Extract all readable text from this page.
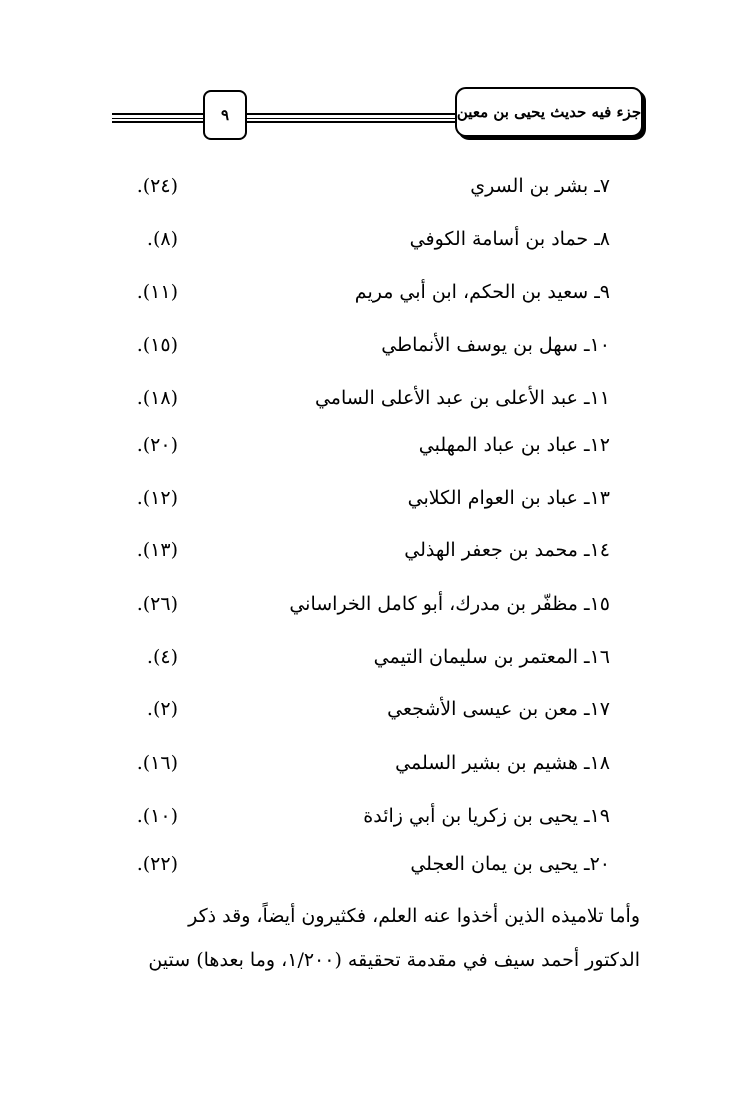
٩	جزء فيه حديث يحيى بن معين
٧ـ بشر بن السري
(٢٤).
٨ـ حماد بن أسامة الكوفي
(٨).
٩ـ سعيد بن الحكم، ابن أبي مريم
(١١).
١٠ـ سهل بن يوسف الأنماطي
(١٥).
١١ـ عبد الأعلى بن عبد الأعلى السامي
(١٨).
١٢ـ عباد بن عباد المهلبي
(٢٠).
١٣ـ عباد بن العوام الكلابي
(١٢).
١٤ـ محمد بن جعفر الهذلي
(١٣).
١٥ـ مظفّر بن مدرك، أبو كامل الخراساني
(٢٦).
١٦ـ المعتمر بن سليمان التيمي
(٤).
١٧ـ معن بن عيسى الأشجعي
(٢).
١٨ـ هشيم بن بشير السلمي
(١٦).
١٩ـ يحيى بن زكريا بن أبي زائدة
(١٠).
٢٠ـ يحيى بن يمان العجلي
(٢٢).
وأما تلاميذه الذين أخذوا عنه العلم، فكثيرون أيضاً، وقد ذكر
الدكتور أحمد سيف في مقدمة تحقيقه (١/٢٠٠، وما بعدها) ستين
